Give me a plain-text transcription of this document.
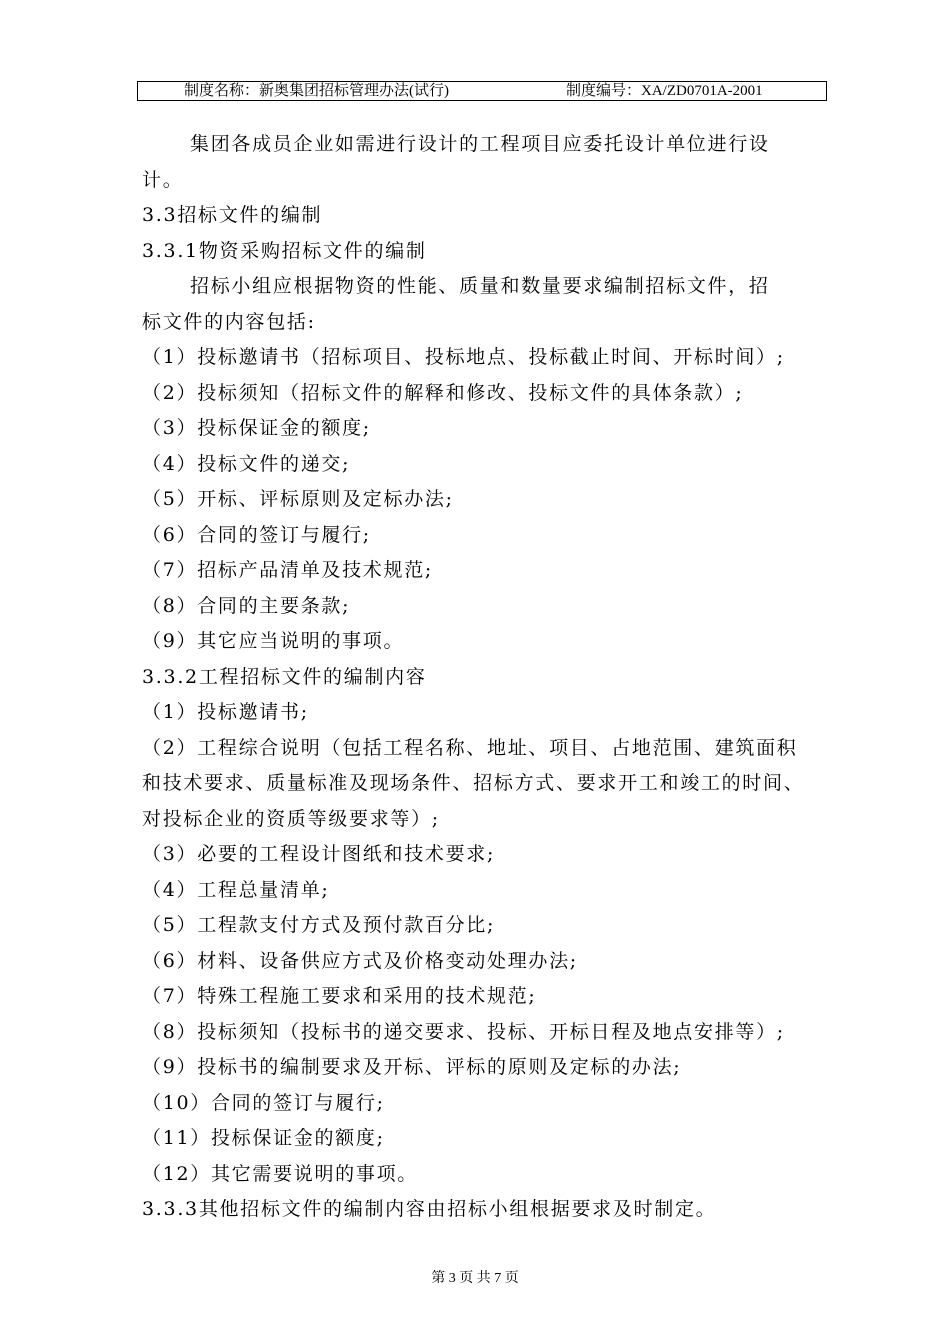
制度名称：新奥集团招标管理办法(试行)	制度编号：XA/ZD0701A-2001
集团各成员企业如需进行设计的工程项目应委托设计单位进行设
计。
3.3招标文件的编制
3.3.1物资采购招标文件的编制
招标小组应根据物资的性能、质量和数量要求编制招标文件，招
标文件的内容包括:
（1）投标邀请书（招标项目、投标地点、投标截止时间、开标时间）;
（2）投标须知（招标文件的解释和修改、投标文件的具体条款）;
（3）投标保证金的额度;
（4）投标文件的递交;
（5）开标、评标原则及定标办法;
（6）合同的签订与履行;
（7）招标产品清单及技术规范;
（8）合同的主要条款;
（9）其它应当说明的事项。
3.3.2工程招标文件的编制内容
（1）投标邀请书;
（2）工程综合说明（包括工程名称、地址、项目、占地范围、建筑面积
和技术要求、质量标准及现场条件、招标方式、要求开工和竣工的时间、
对投标企业的资质等级要求等）;
（3）必要的工程设计图纸和技术要求;
（4）工程总量清单;
（5）工程款支付方式及预付款百分比;
（6）材料、设备供应方式及价格变动处理办法;
（7）特殊工程施工要求和采用的技术规范;
（8）投标须知（投标书的递交要求、投标、开标日程及地点安排等）;
（9）投标书的编制要求及开标、评标的原则及定标的办法;
（10）合同的签订与履行;
（11）投标保证金的额度;
（12）其它需要说明的事项。
3.3.3其他招标文件的编制内容由招标小组根据要求及时制定。
第 3 页 共 7 页
